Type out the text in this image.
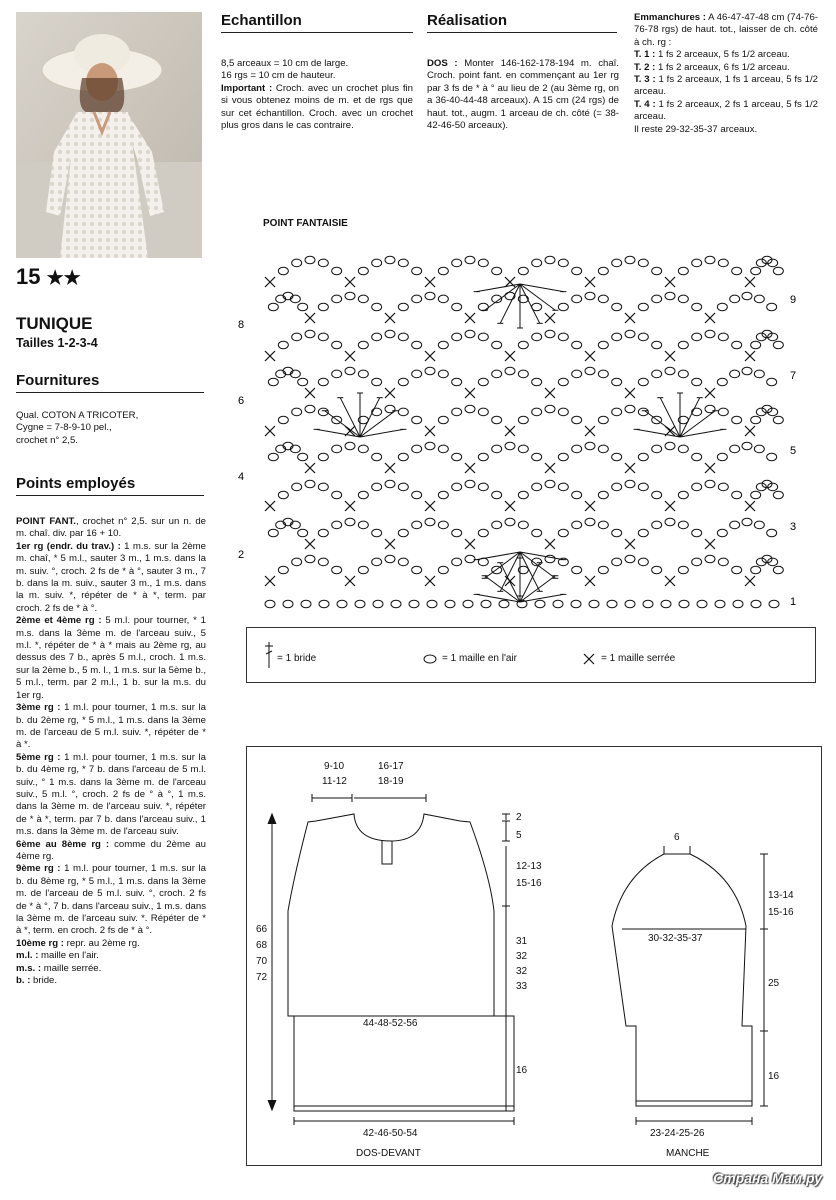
15 ★★
TUNIQUE
Tailles 1-2-3-4
Fournitures
Qual. COTON A TRICOTER,
Cygne = 7-8-9-10 pel.,
crochet n° 2,5.
Points employés

POINT FANT., crochet n° 2,5. sur un n. de m. chaî. div. par 16 + 10.

1er rg (endr. du trav.) : 1 m.s. sur la 2ème m. chaî, * 5 m.l., sauter 3 m., 1 m.s. dans la m. suiv. °, croch. 2 fs de * à °, sauter 3 m., 7 b. dans la m. suiv., sauter 3 m., 1 m.s. dans la m. suiv. *, répéter de * à *, term. par croch. 2 fs de * à °.

2ème et 4ème rg : 5 m.l. pour tourner, * 1 m.s. dans la 3ème m. de l'arceau suiv., 5 m.l. *, répéter de * à * mais au 2ème rg, au dessus des 7 b., après 5 m.l., croch. 1 m.s. sur la 2ème b., 5 m. l., 1 m.s. sur la 5ème b., 5 m.l., term. par 2 m.l., 1 b. sur la m.s. du 1er rg.

3ème rg : 1 m.l. pour tourner, 1 m.s. sur la b. du 2ème rg, * 5 m.l., 1 m.s. dans la 3ème m. de l'arceau de 5 m.l. suiv. *, répéter de * à *.

5ème rg : 1 m.l. pour tourner, 1 m.s. sur la b. du 4ème rg, * 7 b. dans l'arceau de 5 m.l. suiv., ° 1 m.s. dans la 3ème m. de l'arceau suiv., 5 m.l. °, croch. 2 fs de ° à °, 1 m.s. dans la 3ème m. de l'arceau suiv. *, répéter de * à *, term. par 7 b. dans l'arceau suiv., 1 m.s. dans la 3ème m. de l'arceau suiv.

6ème au 8ème rg : comme du 2ème au 4ème rg.

9ème rg : 1 m.l. pour tourner, 1 m.s. sur la b. du 8ème rg, * 5 m.l., 1 m.s. dans la 3ème m. de l'arceau de 5 m.l. suiv. °, croch. 2 fs de * à °, 7 b. dans l'arceau suiv., 1 m.s. dans la 3ème m. de l'arceau suiv. *. Répéter de * à *, term. en croch. 2 fs de * à °.

10ème rg : repr. au 2ème rg.

m.l. : maille en l'air.

m.s. : maille serrée.

b. : bride.

Echantillon
8,5 arceaux = 10 cm de large.
16 rgs = 10 cm de hauteur.

Important : Croch. avec un crochet plus fin si vous obtenez moins de m. et de rgs que sur cet échantillon. Croch. avec un crochet plus gros dans le cas contraire.

Réalisation

DOS : Monter 146-162-178-194 m. chaî. Croch. point fant. en commençant au 1er rg par 3 fs de * à ° au lieu de 2 (au 3ème rg, on a 36-40-44-48 arceaux). A 15 cm (24 rgs) de haut. tot., augm. 1 arceau de ch. côté (= 38-42-46-50 arceaux).

Emmanchures : A 46-47-47-48 cm (74-76-76-78 rgs) de haut. tot., laisser de ch. côté à ch. rg :

T. 1 : 1 fs 2 arceaux, 5 fs 1/2 arceau.

T. 2 : 1 fs 2 arceaux, 6 fs 1/2 arceau.

T. 3 : 1 fs 2 arceaux, 1 fs 1 arceau, 5 fs 1/2 arceau.

T. 4 : 1 fs 2 arceaux, 2 fs 1 arceau, 5 fs 1/2 arceau.

Il reste 29-32-35-37 arceaux.

POINT FANTAISIE
9
7
5
3
1
8
6
4
2
= 1 bride	= 1 maille en l'air	= 1 maille serrée
9-10
11-12
16-17
18-19
2
5
12-13
15-16
31
32
32
33
66
68
70
72
44-48-52-56
16
42-46-50-54
DOS-DEVANT
6
13-14
15-16
30-32-35-37
25
16
23-24-25-26
MANCHE
Страна Мам.ру
